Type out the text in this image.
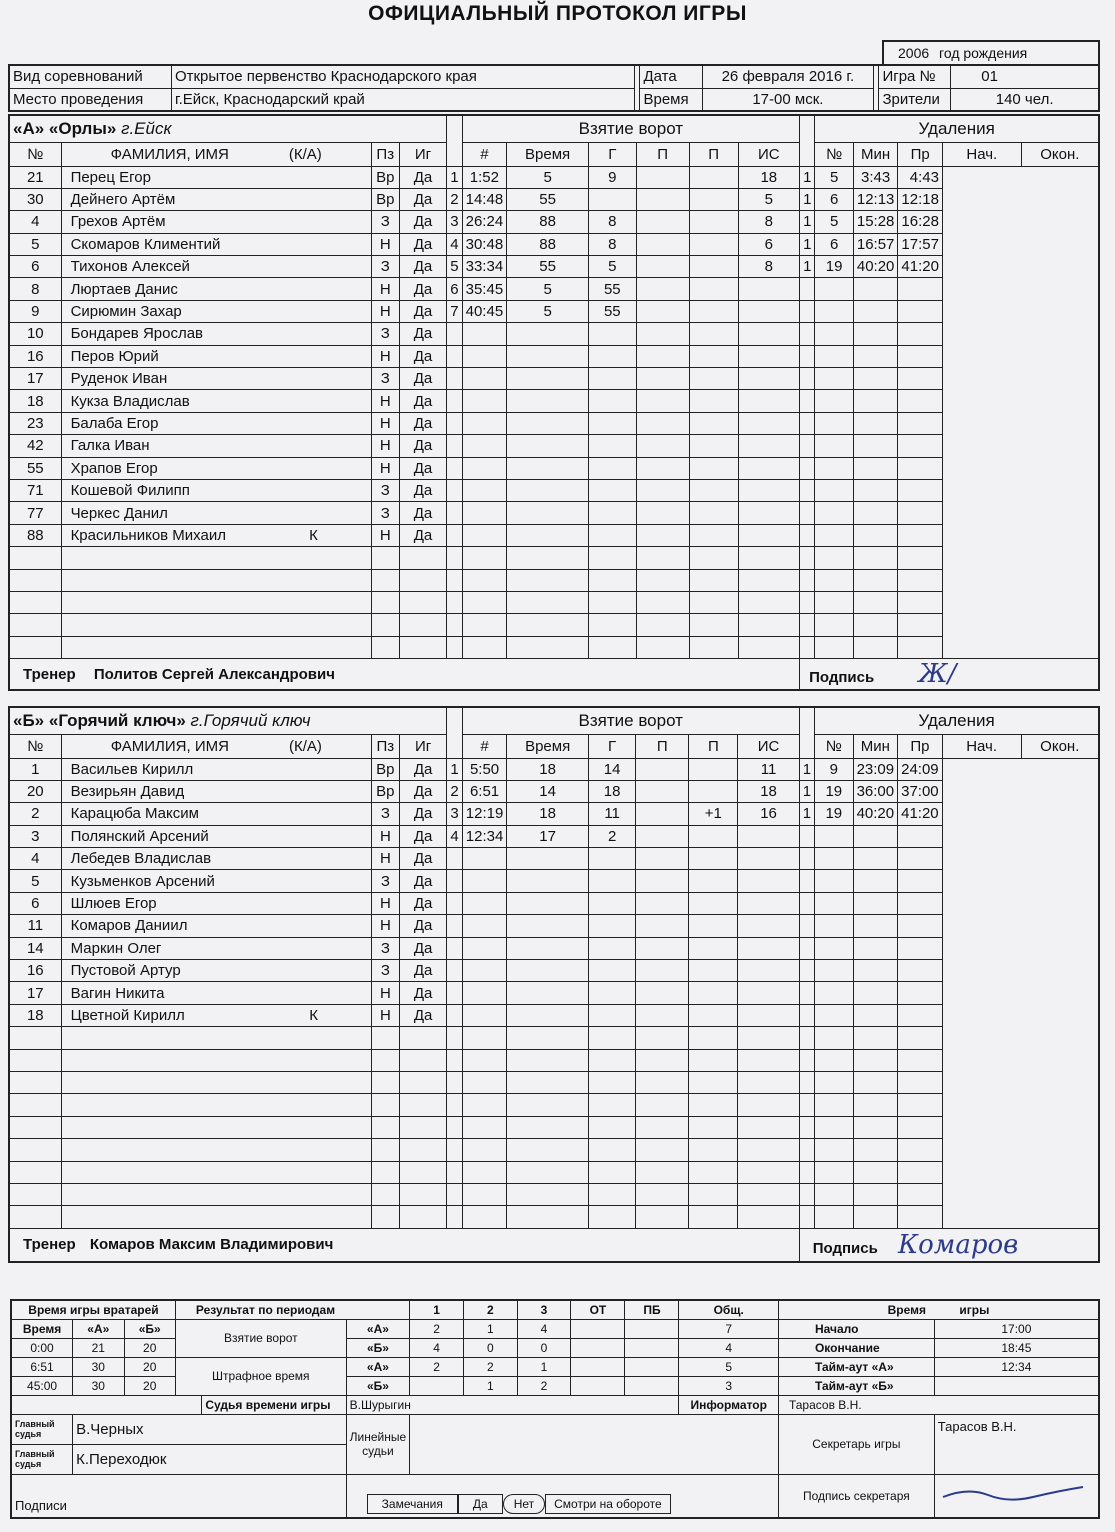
ОФИЦИАЛЬНЫЙ ПРОТОКОЛ ИГРЫ
2006 год рождения
Вид соревнований	Открытое первенство Краснодарского края		Дата	26 февраля 2016 г.		Игра №	01
Место проведения	г.Ейск, Краснодарский край		Время	17-00 мск.		Зрители	140 чел.
«А» «Орлы» г.Ейск					Взятие ворот							Удаления				
№	ФАМИЛИЯ, ИМЯ (К/А)	Пз	Иг		#	Время	Г	П	П	ИС		№	Мин	Пр	Нач.	Окон.
21	Перец Егор	Вр	Да	1	1:52	5	9			18	1	5	3:43	4:43		
30	Дейнего Артём	Вр	Да	2	14:48	55				5	1	6	12:13	12:18		
4	Грехов Артём	З	Да	3	26:24	88	8			8	1	5	15:28	16:28		
5	Скомаров Климентий	Н	Да	4	30:48	88	8			6	1	6	16:57	17:57		
6	Тихонов Алексей	З	Да	5	33:34	55	5			8	1	19	40:20	41:20		
8	Люртаев Данис	Н	Да	6	35:45	5	55									
9	Сирюмин Захар	Н	Да	7	40:45	5	55									
10	Бондарев Ярослав	З	Да													
16	Перов Юрий	Н	Да													
17	Руденок Иван	З	Да													
18	Кукза Владислав	Н	Да													
23	Балаба Егор	Н	Да													
42	Галка Иван	Н	Да													
55	Храпов Егор	Н	Да													
71	Кошевой Филипп	З	Да													
77	Черкес Данил	З	Да													
88	Красильников Михаил К	Н	Да													

Тренер Политов Сергей Александрович											Подпись Ж/					
«Б» «Горячий ключ» г.Горячий ключ					Взятие ворот							Удаления				
№	ФАМИЛИЯ, ИМЯ (К/А)	Пз	Иг		#	Время	Г	П	П	ИС		№	Мин	Пр	Нач.	Окон.
1	Васильев Кирилл	Вр	Да	1	5:50	18	14			11	1	9	23:09	24:09		
20	Везирьян Давид	Вр	Да	2	6:51	14	18			18	1	19	36:00	37:00		
2	Карацюба Максим	З	Да	3	12:19	18	11		+1	16	1	19	40:20	41:20		
3	Полянский Арсений	Н	Да	4	12:34	17	2									
4	Лебедев Владислав	Н	Да													
5	Кузьменков Арсений	З	Да													
6	Шлюев Егор	Н	Да													
11	Комаров Даниил	Н	Да													
14	Маркин Олег	З	Да													
16	Пустовой Артур	З	Да													
17	Вагин Никита	Н	Да													
18	Цветной Кирилл К	Н	Да													

Тренер Комаров Максим Владимирович											Подпись Комаров					
Время игры вратарей			Результат по периодам			1	2	3	ОТ	ПБ	Общ.	Время игры	
Время	«А»	«Б»	Взятие ворот		«А»	2	1	4			7	Начало	17:00
0:00	21	20			«Б»	4	0	0			4	Окончание	18:45
6:51	30	20	Штрафное время		«А»	2	2	1			5	Тайм-аут «А»	12:34
45:00	30	20			«Б»		1	2			3	Тайм-аут «Б»	
				Судья времени игры	В.Шурыгин						Информатор	Тарасов В.Н.	
Главный судья	В.Черных				Линейные судьи							Секретарь игры	Тарасов В.Н.
Главный судья	К.Переходюк												
Подписи					Замечания Да Нет Смотри на обороте							Подпись секретаря	
